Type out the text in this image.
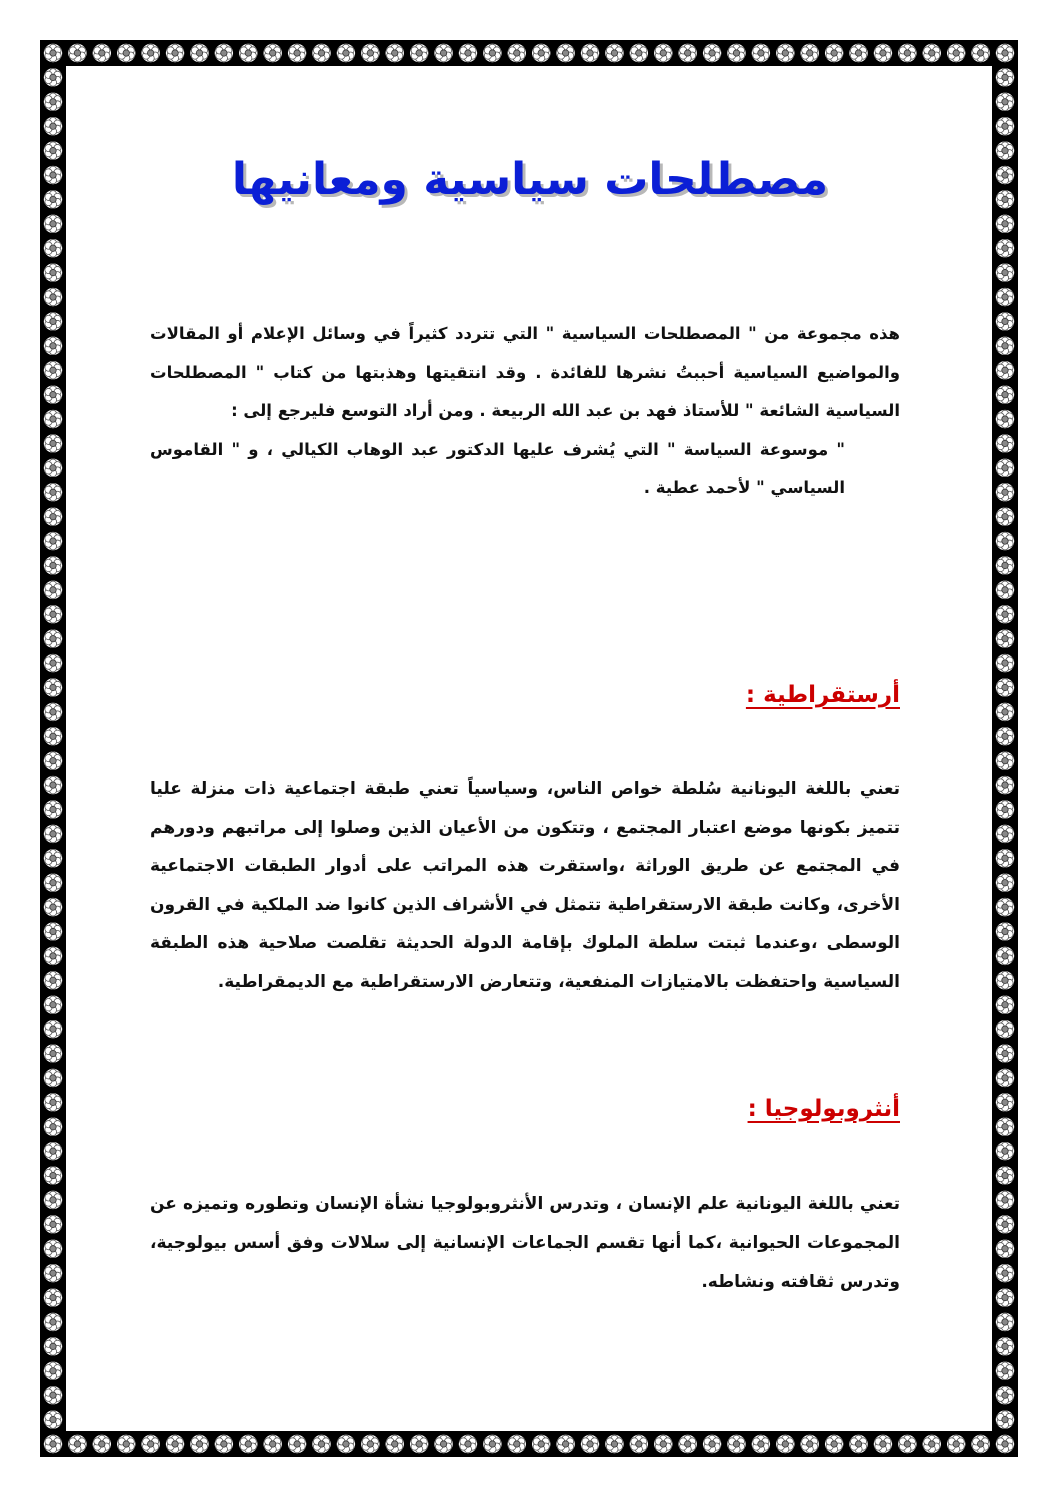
مصطلحات سياسية ومعانيها

هذه مجموعة من " المصطلحات السياسية " التي تتردد كثيراً في وسائل الإعلام أو المقالات والمواضيع السياسية أحببتُ نشرها للفائدة . وقد انتقيتها وهذبتها من كتاب " المصطلحات السياسية الشائعة " للأستاذ فهد بن عبد الله الربيعة . ومن أراد التوسع فليرجع إلى :

" موسوعة السياسة " التي يُشرف عليها الدكتور عبد الوهاب الكيالي ، و " القاموس السياسي " لأحمد عطية .

أرستقراطية :

تعني باللغة اليونانية سُلطة خواص الناس، وسياسياً تعني طبقة اجتماعية ذات منزلة عليا تتميز بكونها موضع اعتبار المجتمع ، وتتكون من الأعيان الذين وصلوا إلى مراتبهم ودورهم في المجتمع عن طريق الوراثة ،واستقرت هذه المراتب على أدوار الطبقات الاجتماعية الأخرى، وكانت طبقة الارستقراطية تتمثل في الأشراف الذين كانوا ضد الملكية في القرون الوسطى ،وعندما ثبتت سلطة الملوك بإقامة الدولة الحديثة تقلصت صلاحية هذه الطبقة السياسية واحتفظت بالامتيازات المنفعية، وتتعارض الارستقراطية مع الديمقراطية.

أنثروبولوجيا :

تعني باللغة اليونانية علم الإنسان ، وتدرس الأنثروبولوجيا نشأة الإنسان وتطوره وتميزه عن المجموعات الحيوانية ،كما أنها تقسم الجماعات الإنسانية إلى سلالات وفق أسس بيولوجية، وتدرس ثقافته ونشاطه.
